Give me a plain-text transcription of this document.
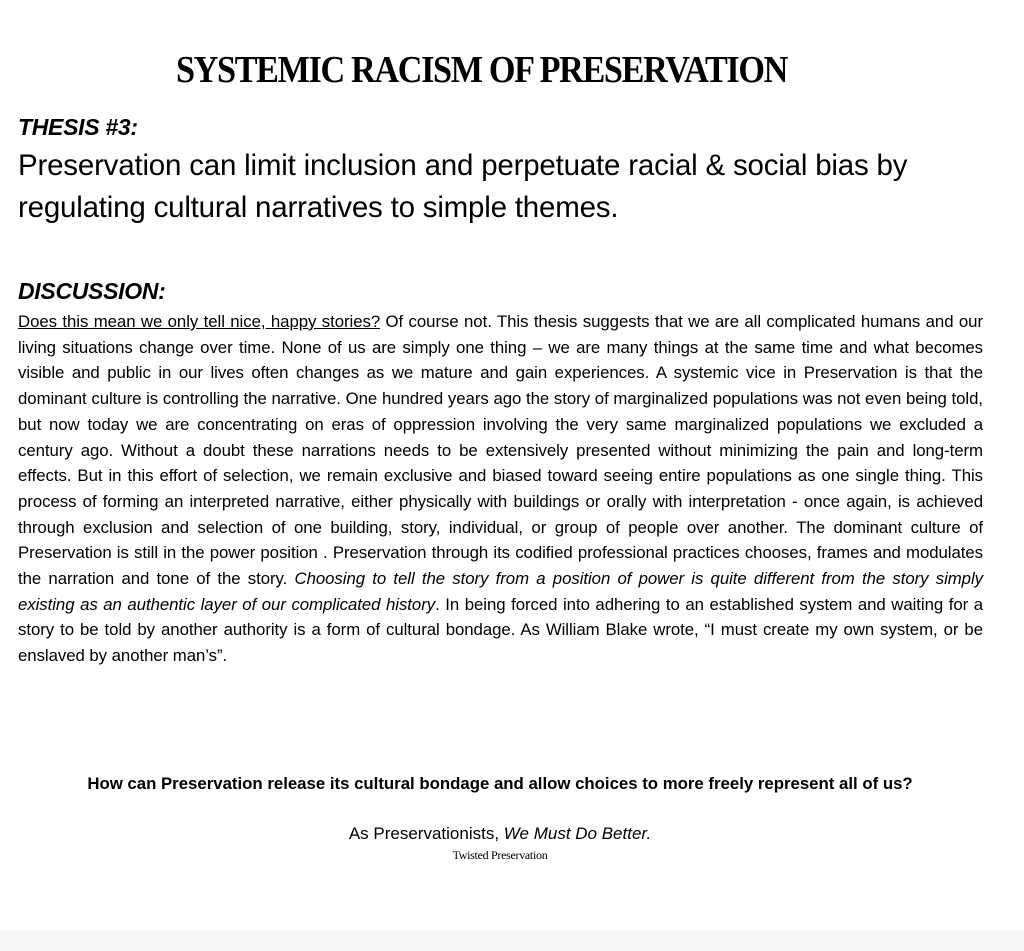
SYSTEMIC RACISM OF PRESERVATION
THESIS #3:
Preservation can limit inclusion and perpetuate racial & social bias by regulating cultural narratives to simple themes.
DISCUSSION:

Does this mean we only tell nice, happy stories? Of course not. This thesis suggests that we are all complicated humans and our living situations change over time. None of us are simply one thing – we are many things at the same time and what becomes visible and public in our lives often changes as we mature and gain experiences. A systemic vice in Preservation is that the dominant culture is controlling the narrative. One hundred years ago the story of marginalized populations was not even being told, but now today we are concentrating on eras of oppression involving the very same marginalized populations we excluded a century ago. Without a doubt these narrations needs to be extensively presented without minimizing the pain and long-term effects. But in this effort of selection, we remain exclusive and biased toward seeing entire populations as one single thing. This process of forming an interpreted narrative, either physically with buildings or orally with interpretation - once again, is achieved through exclusion and selection of one building, story, individual, or group of people over another. The dominant culture of Preservation is still in the power position . Preservation through its codified professional practices chooses, frames and modulates the narration and tone of the story. Choosing to tell the story from a position of power is quite different from the story simply existing as an authentic layer of our complicated history. In being forced into adhering to an established system and waiting for a story to be told by another authority is a form of cultural bondage. As William Blake wrote, “I must create my own system, or be enslaved by another man’s”.

How can Preservation release its cultural bondage and allow choices to more freely represent all of us?
As Preservationists, We Must Do Better.
Twisted Preservation
